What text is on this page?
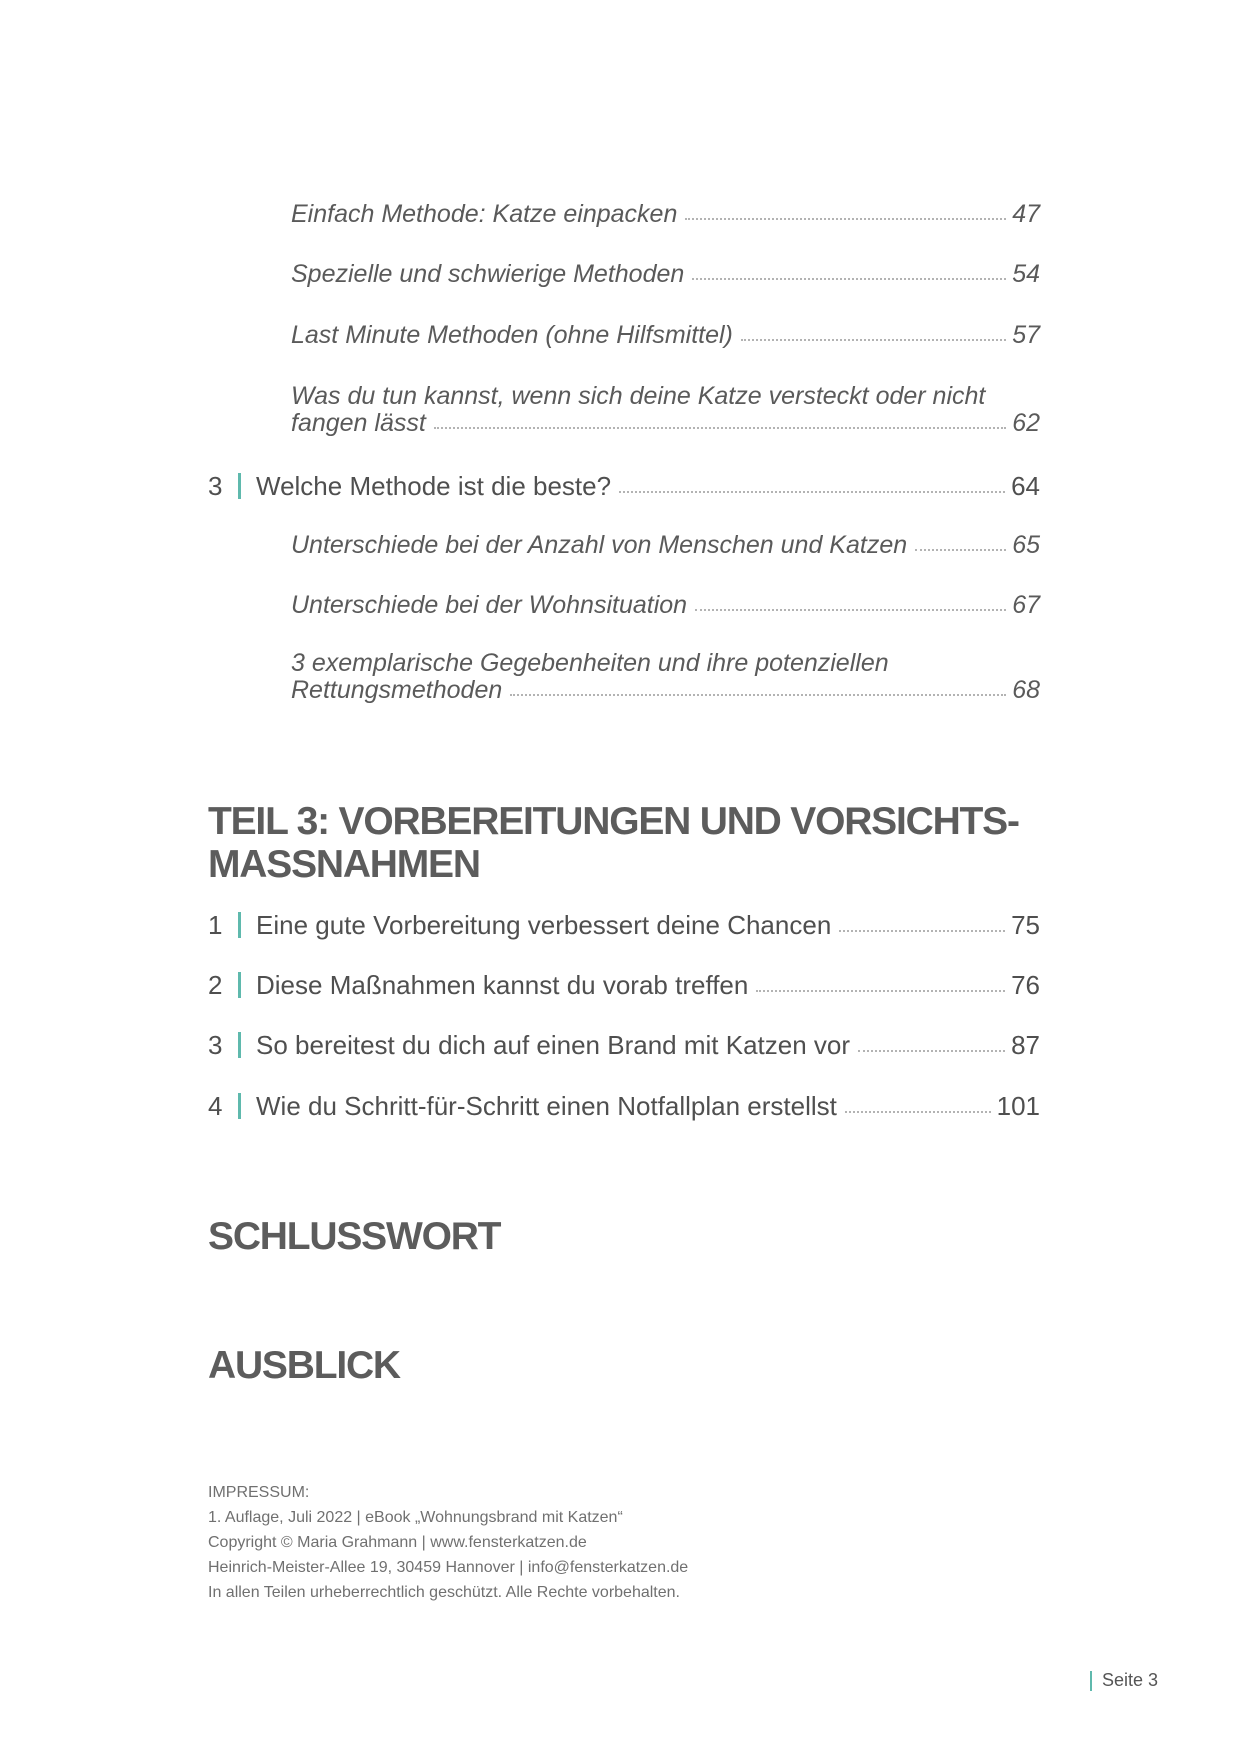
Einfach Methode: Katze einpacken	47
Spezielle und schwierige Methoden	54
Last Minute Methoden (ohne Hilfsmittel)	57
Was du tun kannst, wenn sich deine Katze versteckt oder nicht
fangen lässt	62
3 Welche Methode ist die beste?	64
Unterschiede bei der Anzahl von Menschen und Katzen	65
Unterschiede bei der Wohnsituation	67
3 exemplarische Gegebenheiten und ihre potenziellen
Rettungsmethoden	68
TEIL 3: VORBEREITUNGEN UND VORSICHTS-
MASSNAHMEN
1 Eine gute Vorbereitung verbessert deine Chancen	75
2 Diese Maßnahmen kannst du vorab treffen	76
3 So bereitest du dich auf einen Brand mit Katzen vor	87
4 Wie du Schritt-für-Schritt einen Notfallplan erstellst	101
SCHLUSSWORT
AUSBLICK
IMPRESSUM:
1. Auflage, Juli 2022 | eBook „Wohnungsbrand mit Katzen“
Copyright © Maria Grahmann | www.fensterkatzen.de
Heinrich-Meister-Allee 19, 30459 Hannover | info@fensterkatzen.de
In allen Teilen urheberrechtlich geschützt. Alle Rechte vorbehalten.
Seite 3
